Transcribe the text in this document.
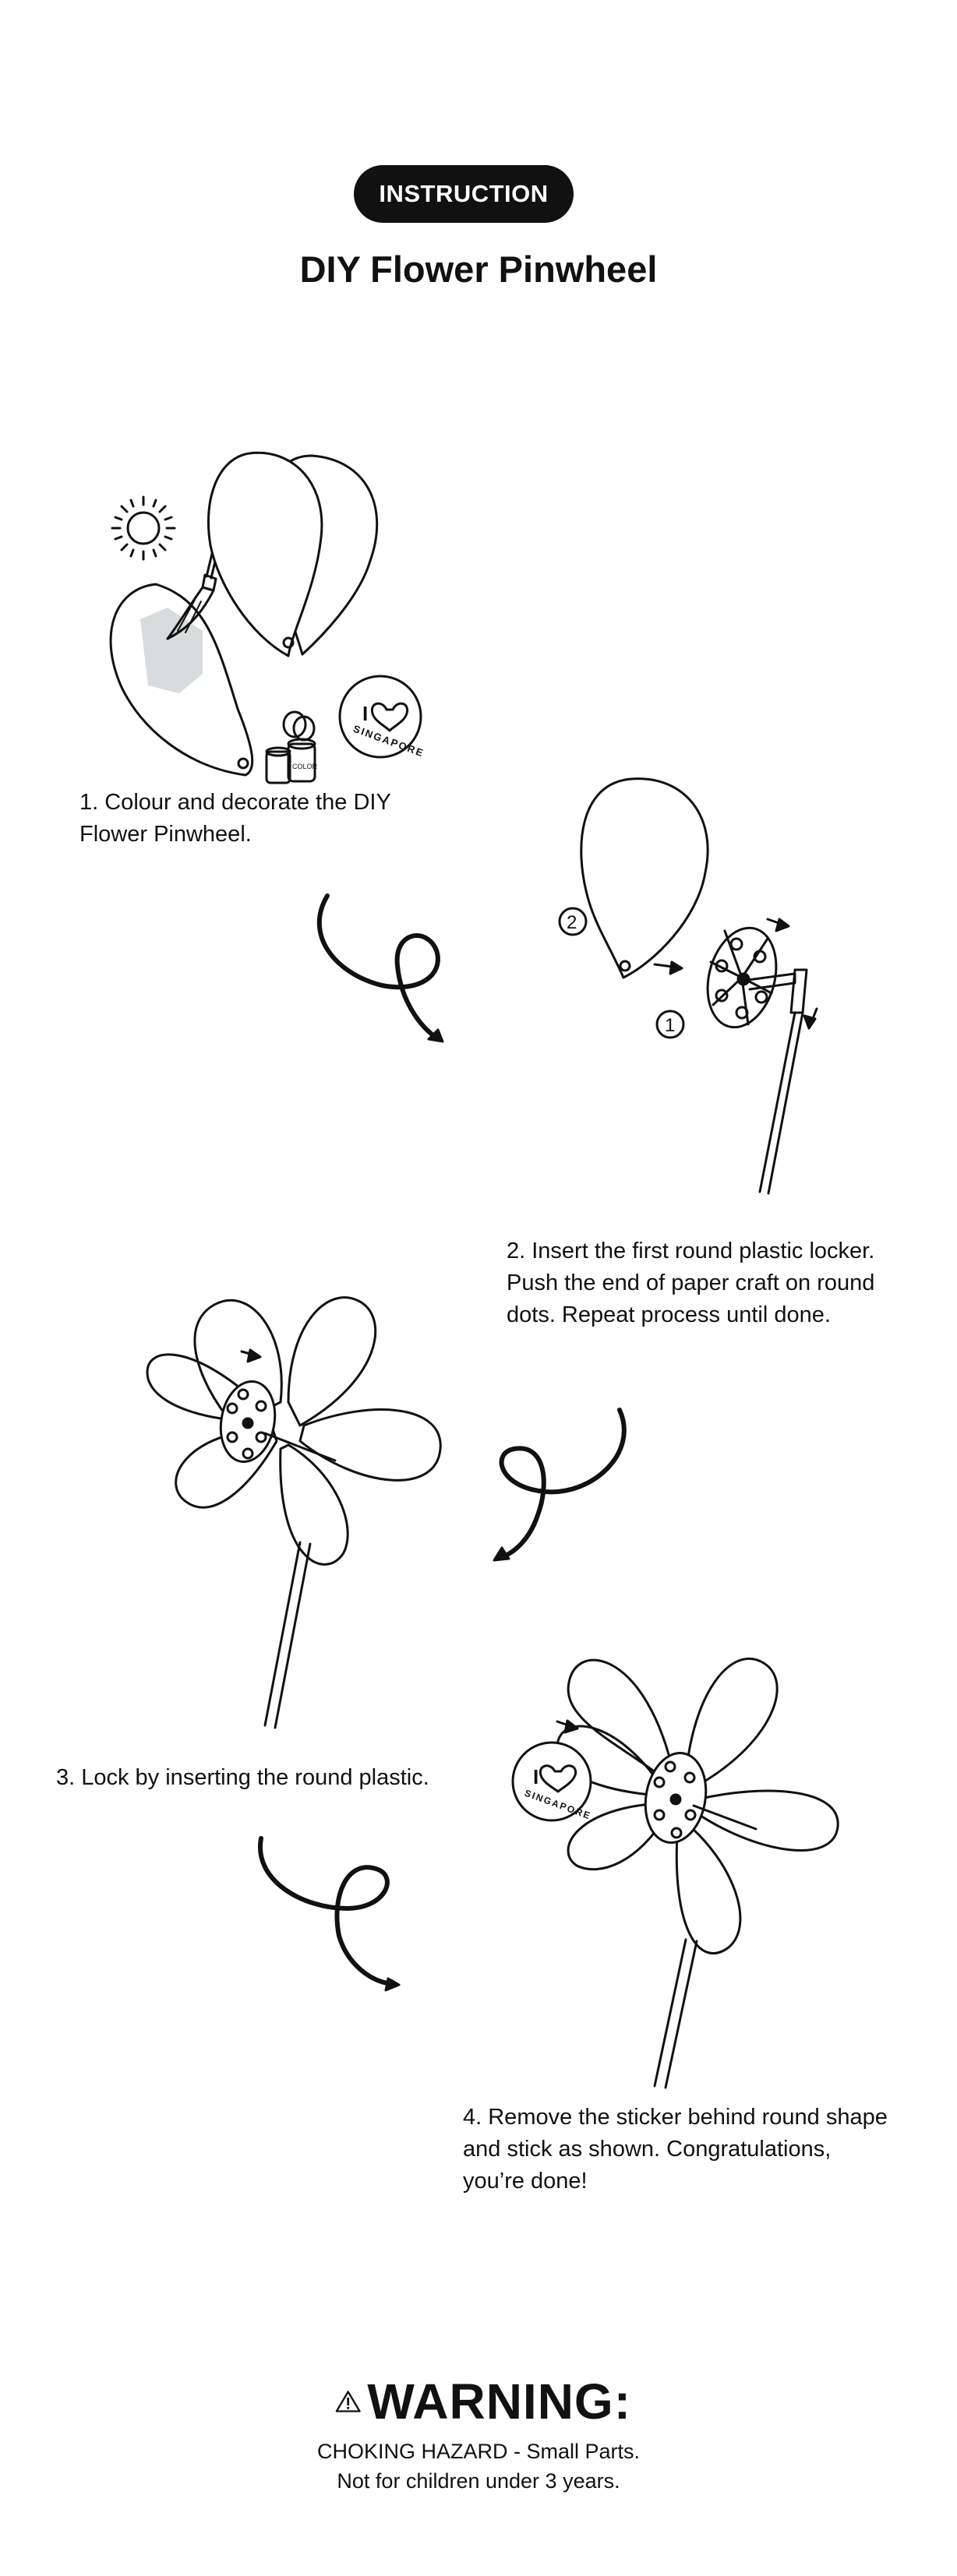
INSTRUCTION
DIY Flower Pinwheel
COLOR
I
SINGAPORE
1. Colour and decorate the DIY
Flower Pinwheel.
2
1
2. Insert the first round plastic locker.
Push the end of paper craft on round
dots. Repeat process until done.
3. Lock by inserting the round plastic.	I
SINGAPORE
4. Remove the sticker behind round shape
and stick as shown. Congratulations,
you’re done!
WARNING:
CHOKING HAZARD - Small Parts.
Not for children under 3 years.
